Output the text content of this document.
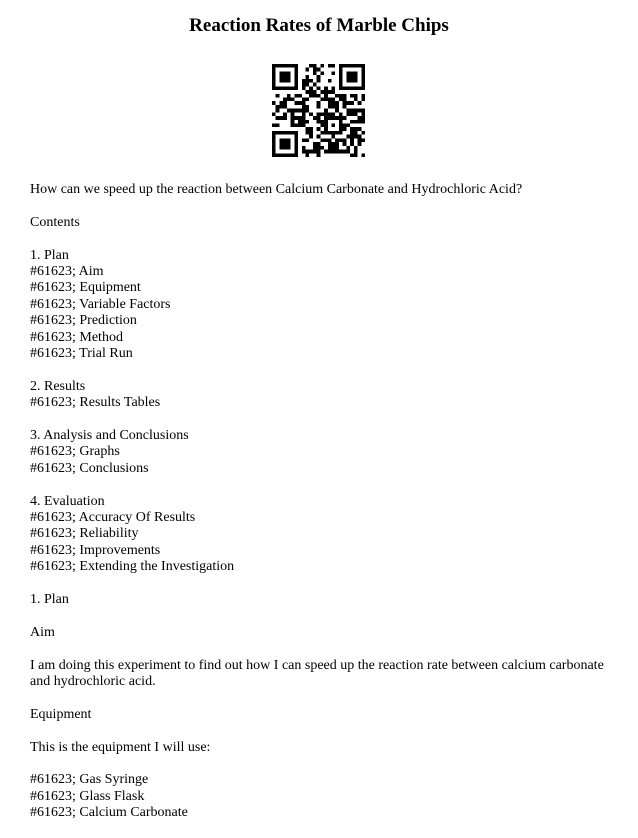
Reaction Rates of Marble Chips

How can we speed up the reaction between Calcium Carbonate and Hydrochloric Acid?

Contents

1. Plan
#61623; Aim
#61623; Equipment
#61623; Variable Factors
#61623; Prediction
#61623; Method
#61623; Trial Run
2. Results
#61623; Results Tables
3. Analysis and Conclusions
#61623; Graphs
#61623; Conclusions
4. Evaluation
#61623; Accuracy Of Results
#61623; Reliability
#61623; Improvements
#61623; Extending the Investigation

1. Plan

Aim

I am doing this experiment to find out how I can speed up the reaction rate between calcium carbonate and hydrochloric acid.

Equipment

This is the equipment I will use:

#61623; Gas Syringe
#61623; Glass Flask
#61623; Calcium Carbonate
